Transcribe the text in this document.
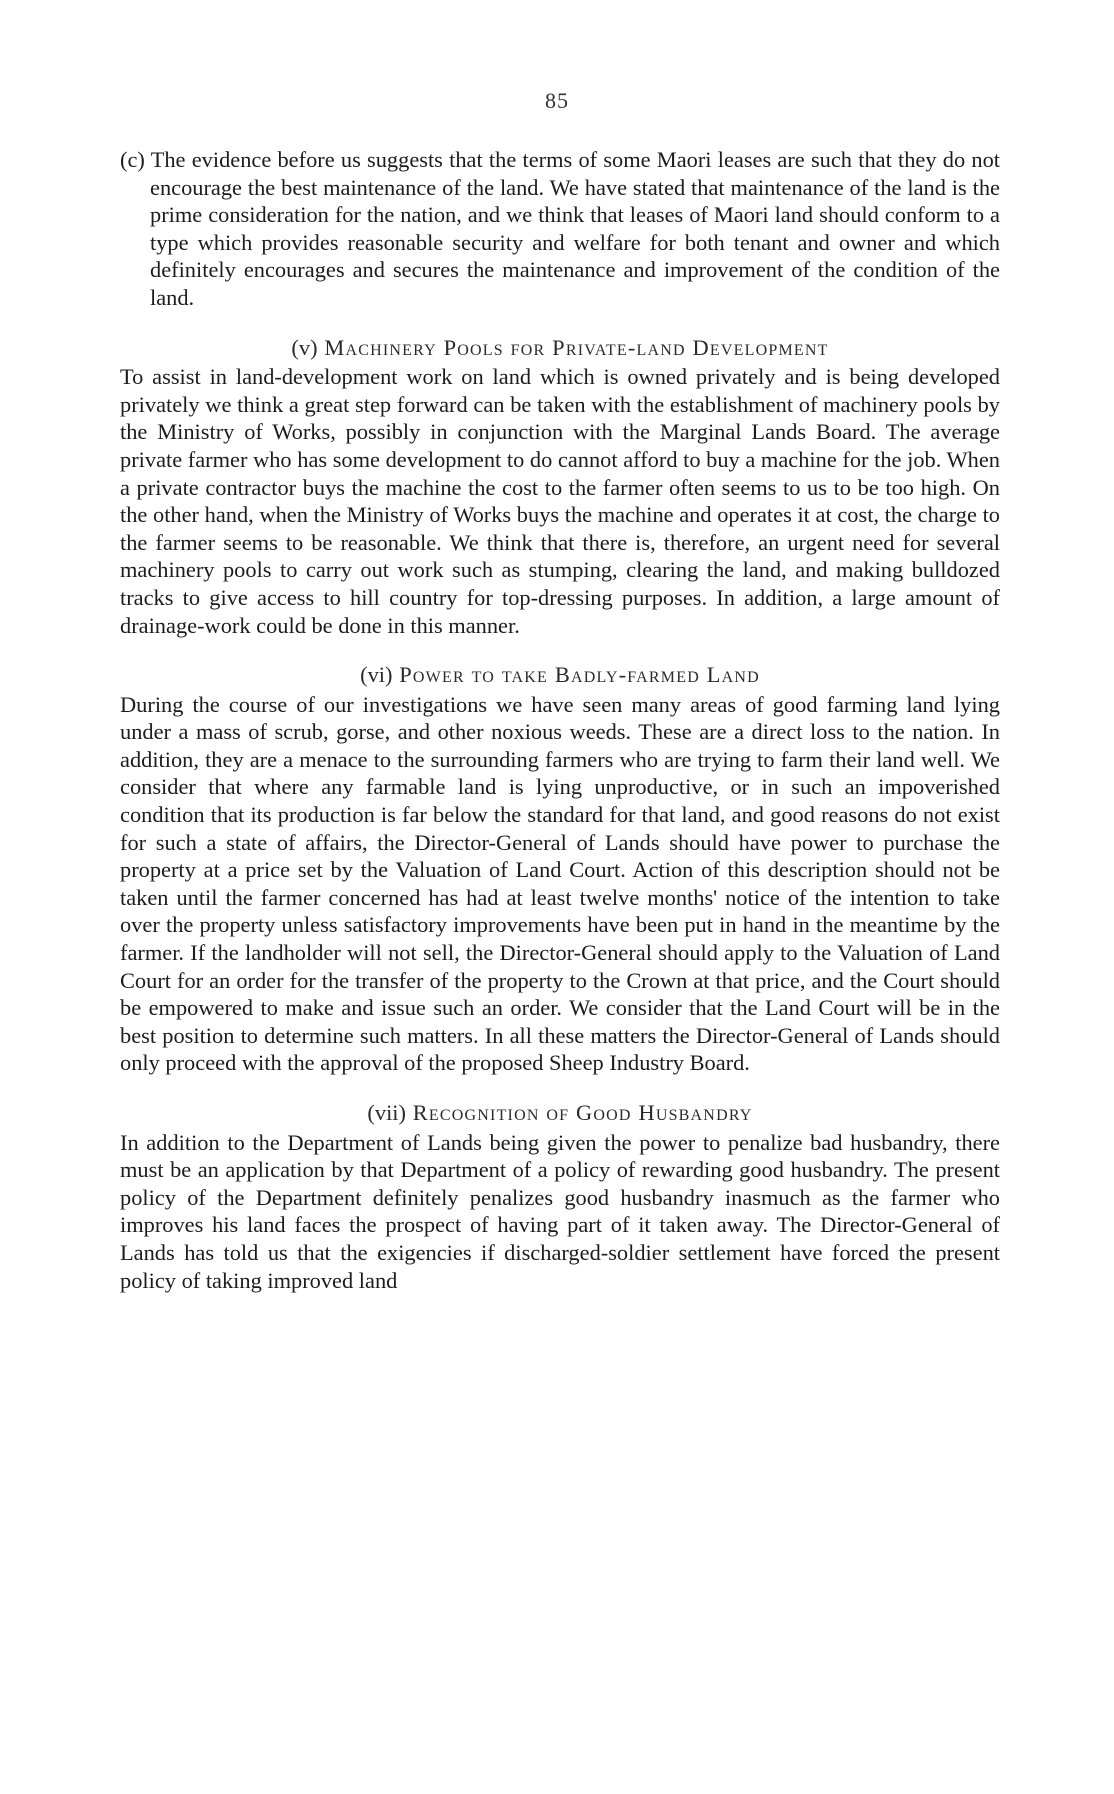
85

(c) The evidence before us suggests that the terms of some Maori leases are such that they do not encourage the best maintenance of the land. We have stated that maintenance of the land is the prime consideration for the nation, and we think that leases of Maori land should conform to a type which provides reasonable security and welfare for both tenant and owner and which definitely encourages and secures the maintenance and improvement of the condition of the land.

(v) Machinery Pools for Private-land Development

To assist in land-development work on land which is owned privately and is being developed privately we think a great step forward can be taken with the establishment of machinery pools by the Ministry of Works, possibly in conjunction with the Marginal Lands Board. The average private farmer who has some development to do cannot afford to buy a machine for the job. When a private contractor buys the machine the cost to the farmer often seems to us to be too high. On the other hand, when the Ministry of Works buys the machine and operates it at cost, the charge to the farmer seems to be reasonable. We think that there is, therefore, an urgent need for several machinery pools to carry out work such as stumping, clearing the land, and making bulldozed tracks to give access to hill country for top-dressing purposes. In addition, a large amount of drainage-work could be done in this manner.

(vi) Power to take Badly-farmed Land

During the course of our investigations we have seen many areas of good farming land lying under a mass of scrub, gorse, and other noxious weeds. These are a direct loss to the nation. In addition, they are a menace to the surrounding farmers who are trying to farm their land well. We consider that where any farmable land is lying unproductive, or in such an impoverished condition that its production is far below the standard for that land, and good reasons do not exist for such a state of affairs, the Director-General of Lands should have power to purchase the property at a price set by the Valuation of Land Court. Action of this description should not be taken until the farmer concerned has had at least twelve months' notice of the intention to take over the property unless satisfactory improvements have been put in hand in the meantime by the farmer. If the landholder will not sell, the Director-General should apply to the Valuation of Land Court for an order for the transfer of the property to the Crown at that price, and the Court should be empowered to make and issue such an order. We consider that the Land Court will be in the best position to determine such matters. In all these matters the Director-General of Lands should only proceed with the approval of the proposed Sheep Industry Board.

(vii) Recognition of Good Husbandry

In addition to the Department of Lands being given the power to penalize bad husbandry, there must be an application by that Department of a policy of rewarding good husbandry. The present policy of the Department definitely penalizes good husbandry inasmuch as the farmer who improves his land faces the prospect of having part of it taken away. The Director-General of Lands has told us that the exigencies if discharged-soldier settlement have forced the present policy of taking improved land
